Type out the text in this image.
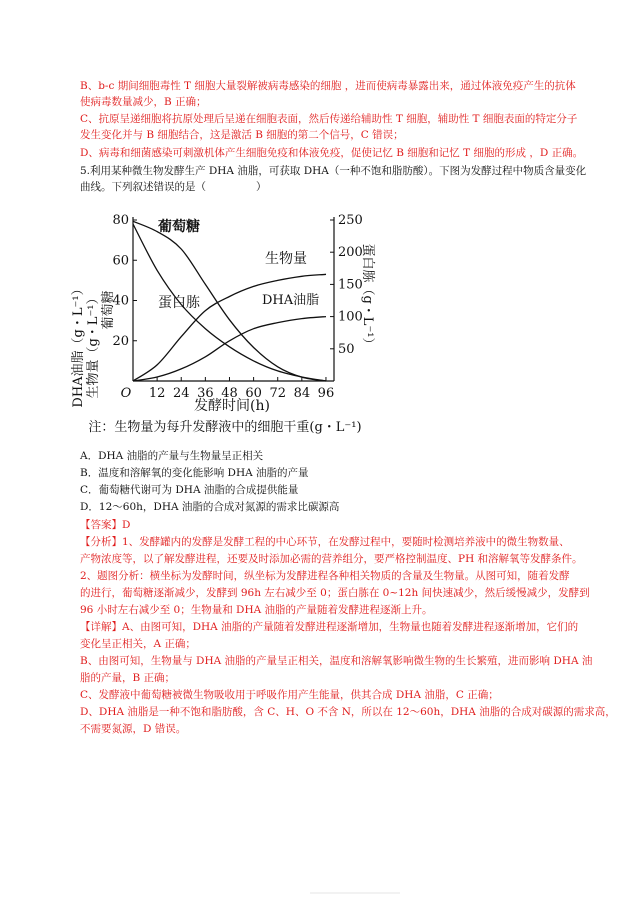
B、b-c 期间细胞毒性 T 细胞大量裂解被病毒感染的细胞 ，进而使病毒暴露出来，通过体液免疫产生的抗体
使病毒数量减少，B 正确；
C、抗原呈递细胞将抗原处理后呈递在细胞表面，然后传递给辅助性 T 细胞，辅助性 T 细胞表面的特定分子
发生变化并与 B 细胞结合，这是激活 B 细胞的第二个信号，C 错误；
D、病毒和细菌感染可刺激机体产生细胞免疫和体液免疫，促使记忆 B 细胞和记忆 T 细胞的形成 ，D 正确。
5.利用某种微生物发酵生产 DHA 油脂，可获取 DHA（一种不饱和脂肪酸）。下图为发酵过程中物质含量变化
曲线。下列叙述错误的是（	）
DHA油脂（g・L⁻¹） 生物量（g・L⁻¹） 葡萄糖
20
40
60
80
50
100
150
200
250
O 12 24 36 48 60 72 84 96
葡萄糖
生物量
蛋白胨	DHA油脂	蛋白胨（g・L⁻¹）
发酵时间(h)
注：生物量为每升发酵液中的细胞干重(g・L⁻¹)
A．DHA 油脂的产量与生物量呈正相关
B．温度和溶解氧的变化能影响 DHA 油脂的产量
C．葡萄糖代谢可为 DHA 油脂的合成提供能量
D．12～60h，DHA 油脂的合成对氮源的需求比碳源高
【答案】D
【分析】1、发酵罐内的发酵是发酵工程的中心环节，在发酵过程中，要随时检测培养液中的微生物数量、
产物浓度等，以了解发酵进程，还要及时添加必需的营养组分，要严格控制温度、PH 和溶解氧等发酵条件。
2、题图分析：横坐标为发酵时间，纵坐标为发酵进程各种相关物质的含量及生物量。从图可知，随着发酵
的进行，葡萄糖逐渐减少，发酵到 96h 左右减少至 0；蛋白胨在 0~12h 间快速减少，然后缓慢减少，发酵到
96 小时左右减少至 0；生物量和 DHA 油脂的产量随着发酵进程逐渐上升。
【详解】A、由图可知，DHA 油脂的产量随着发酵进程逐渐增加，生物量也随着发酵进程逐渐增加，它们的
变化呈正相关，A 正确；
B、由图可知，生物量与 DHA 油脂的产量呈正相关，温度和溶解氧影响微生物的生长繁殖，进而影响 DHA 油
脂的产量，B 正确；
C、发酵液中葡萄糖被微生物吸收用于呼吸作用产生能量，供其合成 DHA 油脂，C 正确；
D、DHA 油脂是一种不饱和脂肪酸，含 C、H、O 不含 N，所以在 12～60h，DHA 油脂的合成对碳源的需求高，
不需要氮源，D 错误。
